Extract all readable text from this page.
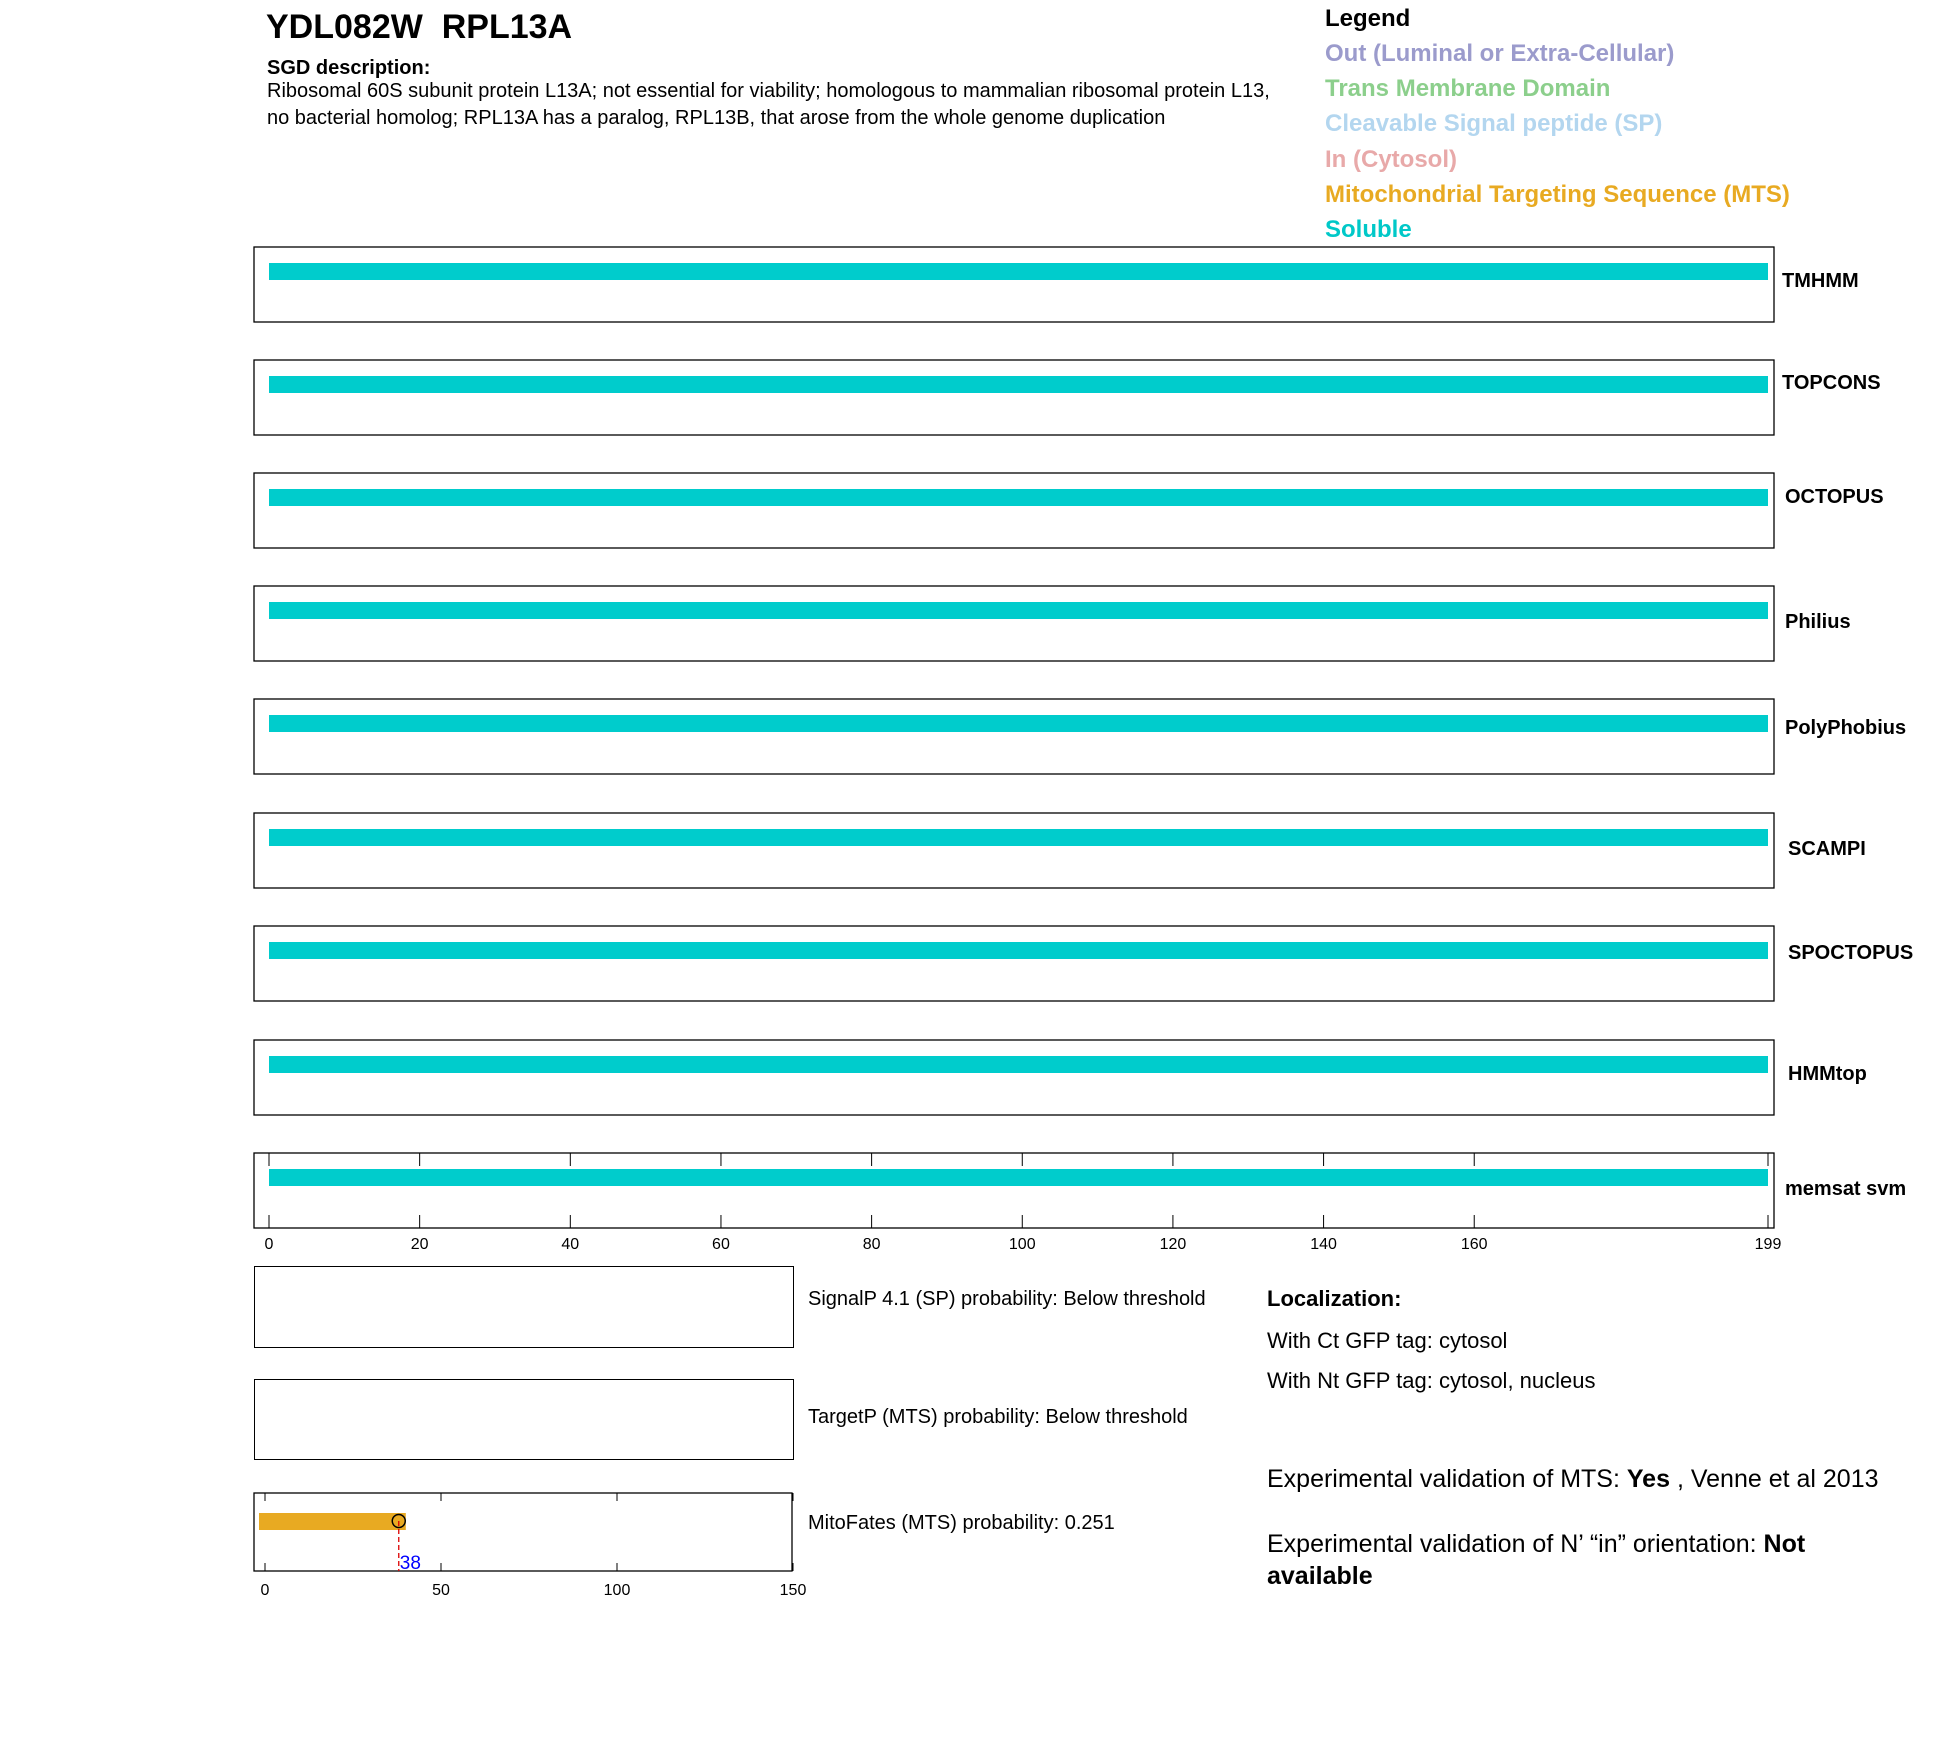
YDL082W  RPL13A
SGD description:
Ribosomal 60S subunit protein L13A; not essential for viability; homologous to mammalian ribosomal protein L13, no bacterial homolog; RPL13A has a paralog, RPL13B, that arose from the whole genome duplication
Legend
Out (Luminal or Extra-Cellular)
Trans Membrane Domain
Cleavable Signal peptide (SP)
In (Cytosol)
Mitochondrial Targeting Sequence (MTS)
Soluble
0	20	40	60	80	100	120	140	160	199
TMHMM
TOPCONS
OCTOPUS
Philius
PolyPhobius
SCAMPI
SPOCTOPUS
HMMtop
memsat svm
SignalP 4.1 (SP) probability: Below threshold
TargetP (MTS) probability: Below threshold
0	50	100	150
38
MitoFates (MTS) probability: 0.251
Localization:
With Ct GFP tag: cytosol
With Nt GFP tag: cytosol, nucleus
Experimental validation of MTS: Yes , Venne et al 2013
Experimental validation of N’ “in” orientation: Not available
